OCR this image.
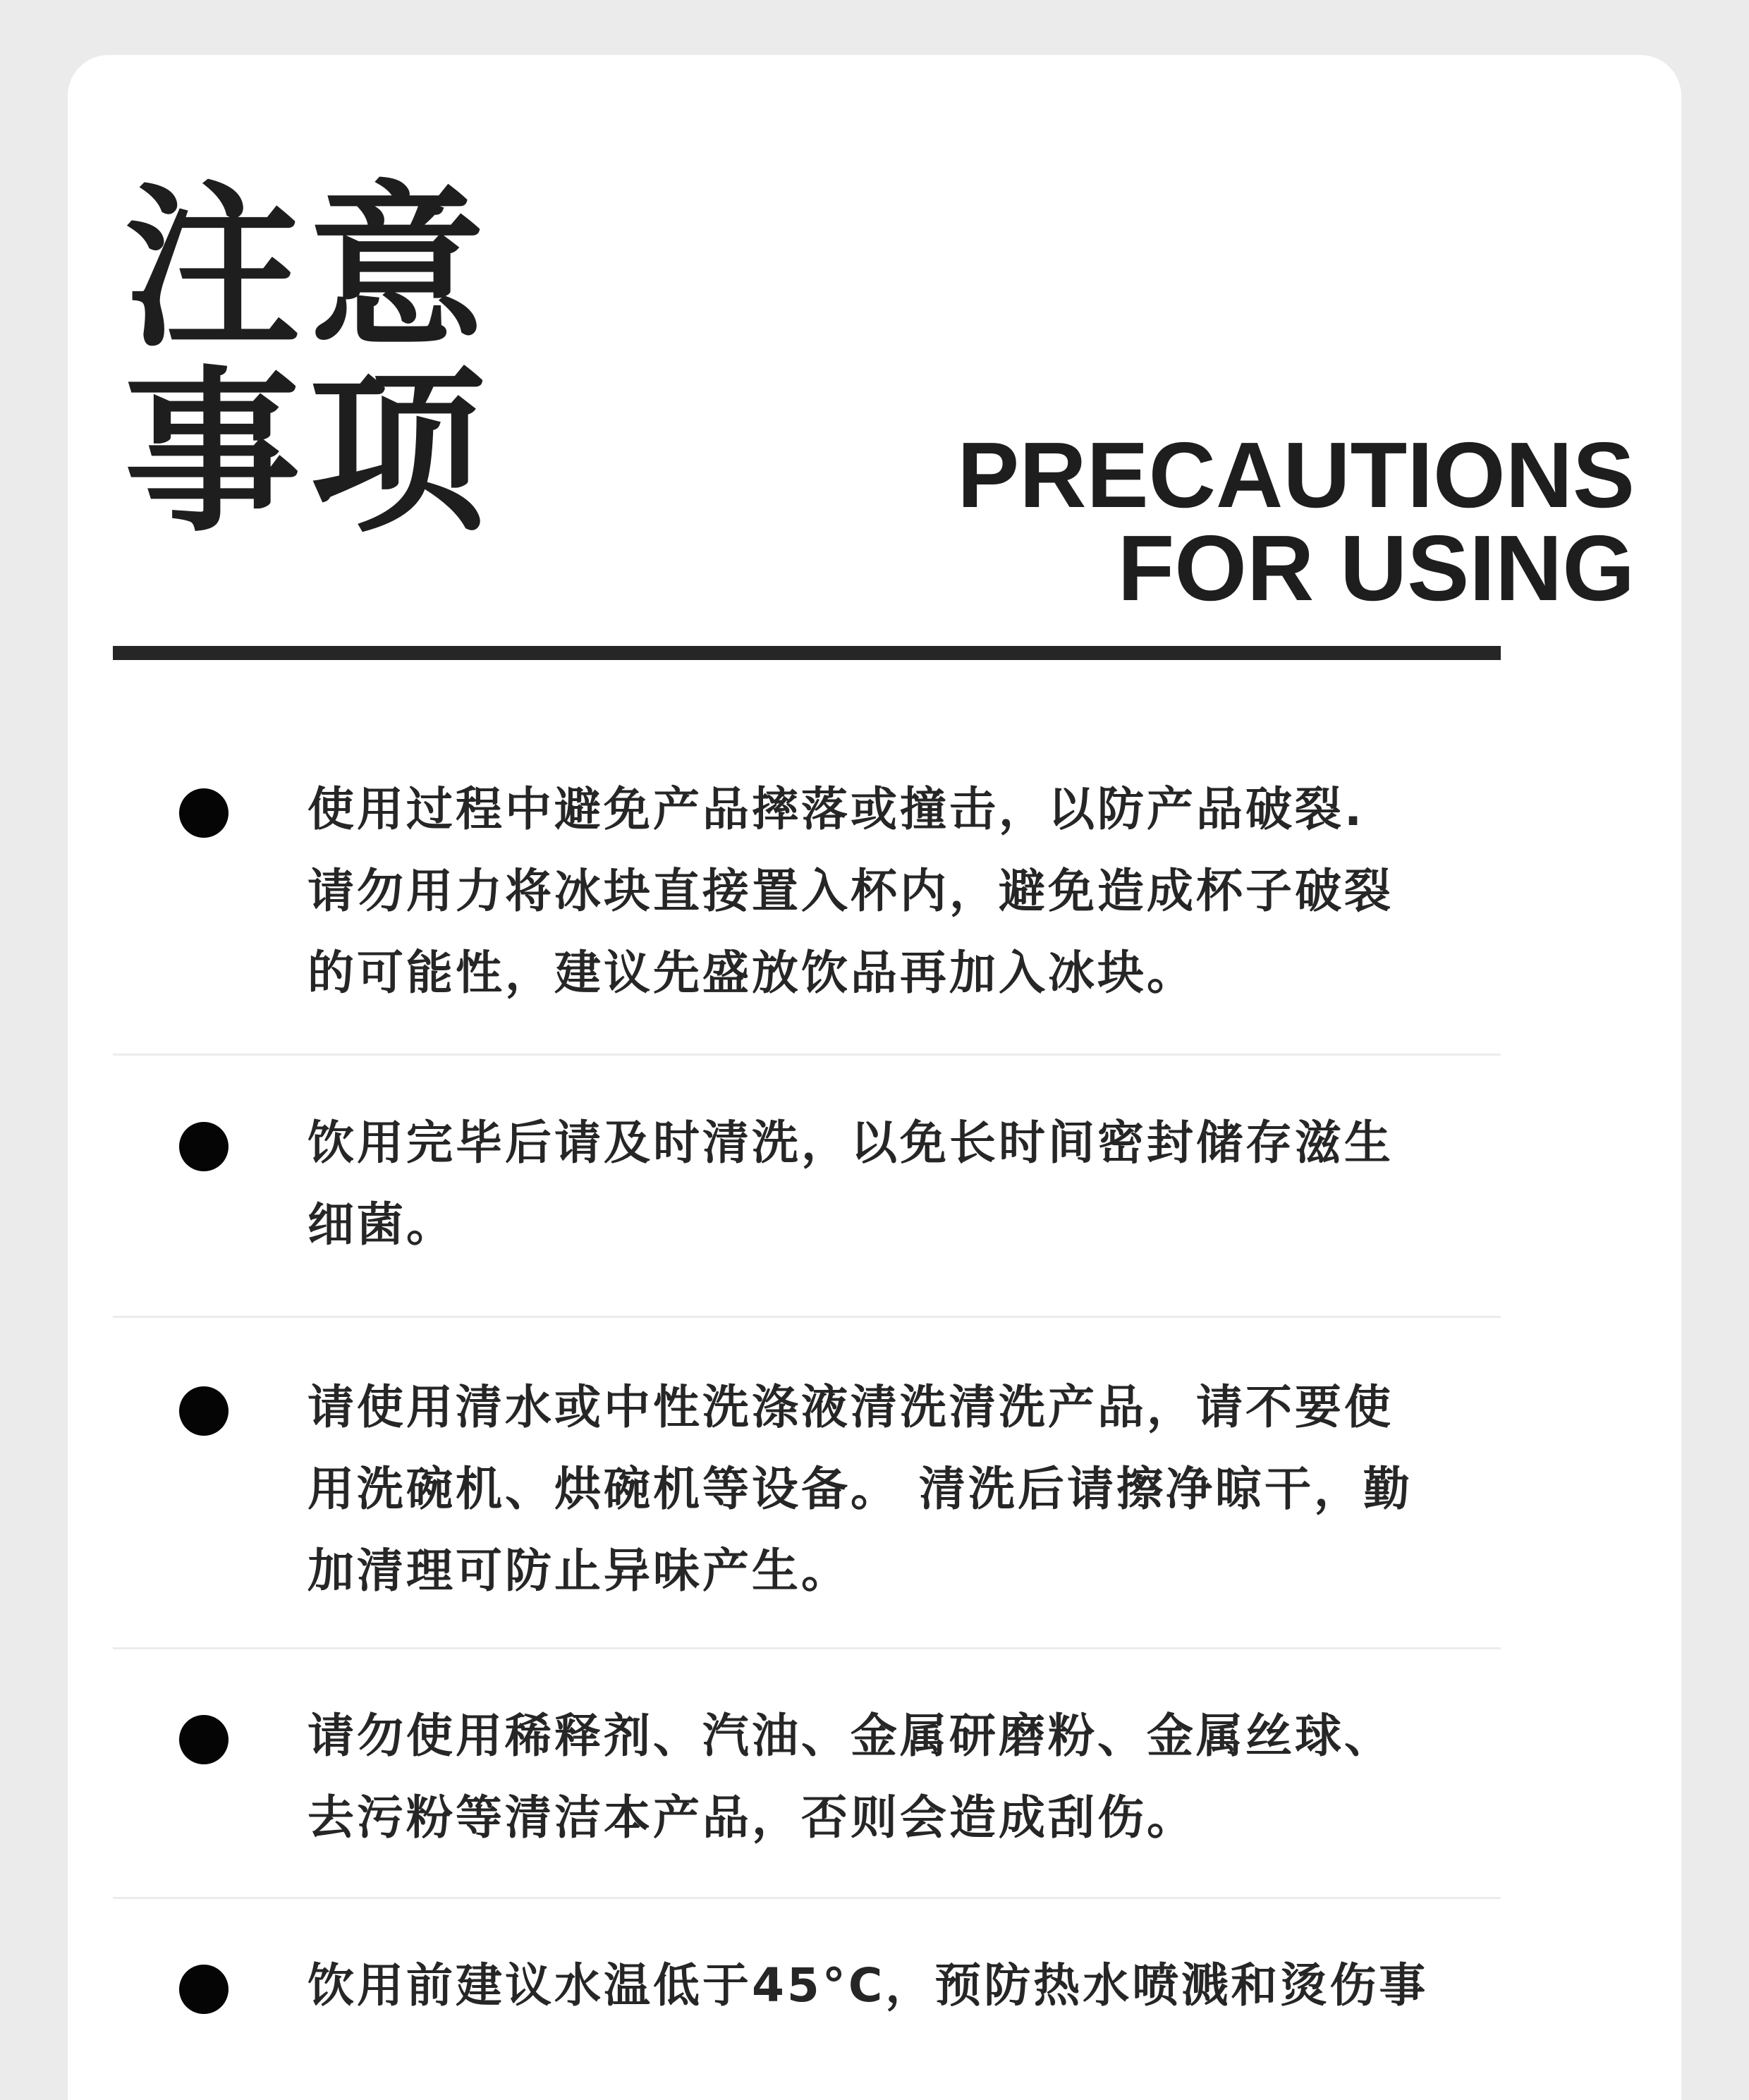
注意
事项	PRECAUTIONS
FOR USING
使用过程中避免产品摔落或撞击，以防产品破裂.
请勿用力将冰块直接置入杯内，避免造成杯子破裂
的可能性，建议先盛放饮品再加入冰块。
饮用完毕后请及时清洗，以免长时间密封储存滋生
细菌。
请使用清水或中性洗涤液清洗清洗产品，请不要使
用洗碗机、烘碗机等设备。 清洗后请擦净晾干，勤
加清理可防止异味产生。
请勿使用稀释剂、汽油、金属研磨粉、金属丝球、
去污粉等清洁本产品，否则会造成刮伤。
饮用前建议水温低于45°C，预防热水喷溅和烫伤事
